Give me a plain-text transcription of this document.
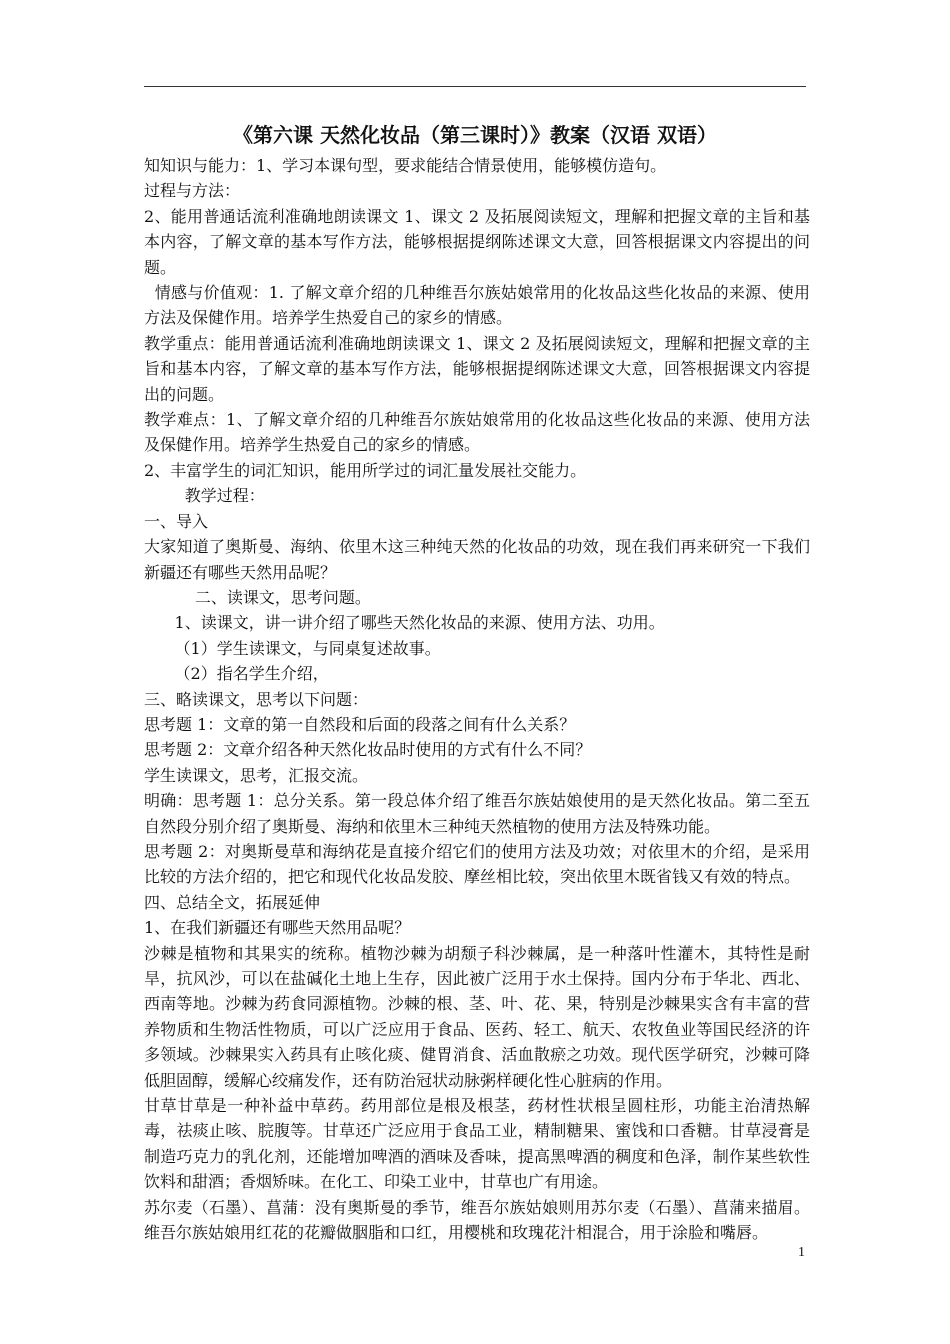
《第六课 天然化妆品（第三课时）》教案（汉语 双语）

知知识与能力：1、学习本课句型，要求能结合情景使用，能够模仿造句。

过程与方法：

2、能用普通话流利准确地朗读课文 1、课文 2 及拓展阅读短文，理解和把握文章的主旨和基本内容，了解文章的基本写作方法，能够根据提纲陈述课文大意，回答根据课文内容提出的问题。

情感与价值观：1. 了解文章介绍的几种维吾尔族姑娘常用的化妆品这些化妆品的来源、使用方法及保健作用。培养学生热爱自己的家乡的情感。

教学重点：能用普通话流利准确地朗读课文 1、课文 2 及拓展阅读短文，理解和把握文章的主旨和基本内容，了解文章的基本写作方法，能够根据提纲陈述课文大意，回答根据课文内容提出的问题。

教学难点：1、了解文章介绍的几种维吾尔族姑娘常用的化妆品这些化妆品的来源、使用方法及保健作用。培养学生热爱自己的家乡的情感。

2、丰富学生的词汇知识，能用所学过的词汇量发展社交能力。

教学过程：

一、导入

大家知道了奥斯曼、海纳、依里木这三种纯天然的化妆品的功效，现在我们再来研究一下我们新疆还有哪些天然用品呢？

二、读课文，思考问题。

1、读课文，讲一讲介绍了哪些天然化妆品的来源、使用方法、功用。

（1）学生读课文，与同桌复述故事。

（2）指名学生介绍，

三、略读课文，思考以下问题：

思考题 1：文章的第一自然段和后面的段落之间有什么关系？

思考题 2：文章介绍各种天然化妆品时使用的方式有什么不同？

学生读课文，思考，汇报交流。

明确：思考题 1：总分关系。第一段总体介绍了维吾尔族姑娘使用的是天然化妆品。第二至五自然段分别介绍了奥斯曼、海纳和依里木三种纯天然植物的使用方法及特殊功能。

思考题 2：对奥斯曼草和海纳花是直接介绍它们的使用方法及功效；对依里木的介绍，是采用比较的方法介绍的，把它和现代化妆品发胶、摩丝相比较，突出依里木既省钱又有效的特点。

四、总结全文，拓展延伸

1、在我们新疆还有哪些天然用品呢？

沙棘是植物和其果实的统称。植物沙棘为胡颓子科沙棘属，是一种落叶性灌木，其特性是耐旱，抗风沙，可以在盐碱化土地上生存，因此被广泛用于水土保持。国内分布于华北、西北、西南等地。沙棘为药食同源植物。沙棘的根、茎、叶、花、果，特别是沙棘果实含有丰富的营养物质和生物活性物质，可以广泛应用于食品、医药、轻工、航天、农牧鱼业等国民经济的许多领域。沙棘果实入药具有止咳化痰、健胃消食、活血散瘀之功效。现代医学研究，沙棘可降低胆固醇，缓解心绞痛发作，还有防治冠状动脉粥样硬化性心脏病的作用。

甘草甘草是一种补益中草药。药用部位是根及根茎，药材性状根呈圆柱形，功能主治清热解毒，祛痰止咳、脘腹等。甘草还广泛应用于食品工业，精制糖果、蜜饯和口香糖。甘草浸膏是制造巧克力的乳化剂，还能增加啤酒的酒味及香味，提高黑啤酒的稠度和色泽，制作某些软性饮料和甜酒；香烟矫味。在化工、印染工业中，甘草也广有用途。

苏尔麦（石墨）、菖蒲：没有奥斯曼的季节，维吾尔族姑娘则用苏尔麦（石墨）、菖蒲来描眉。维吾尔族姑娘用红花的花瓣做胭脂和口红，用樱桃和玫瑰花汁相混合，用于涂脸和嘴唇。

1
